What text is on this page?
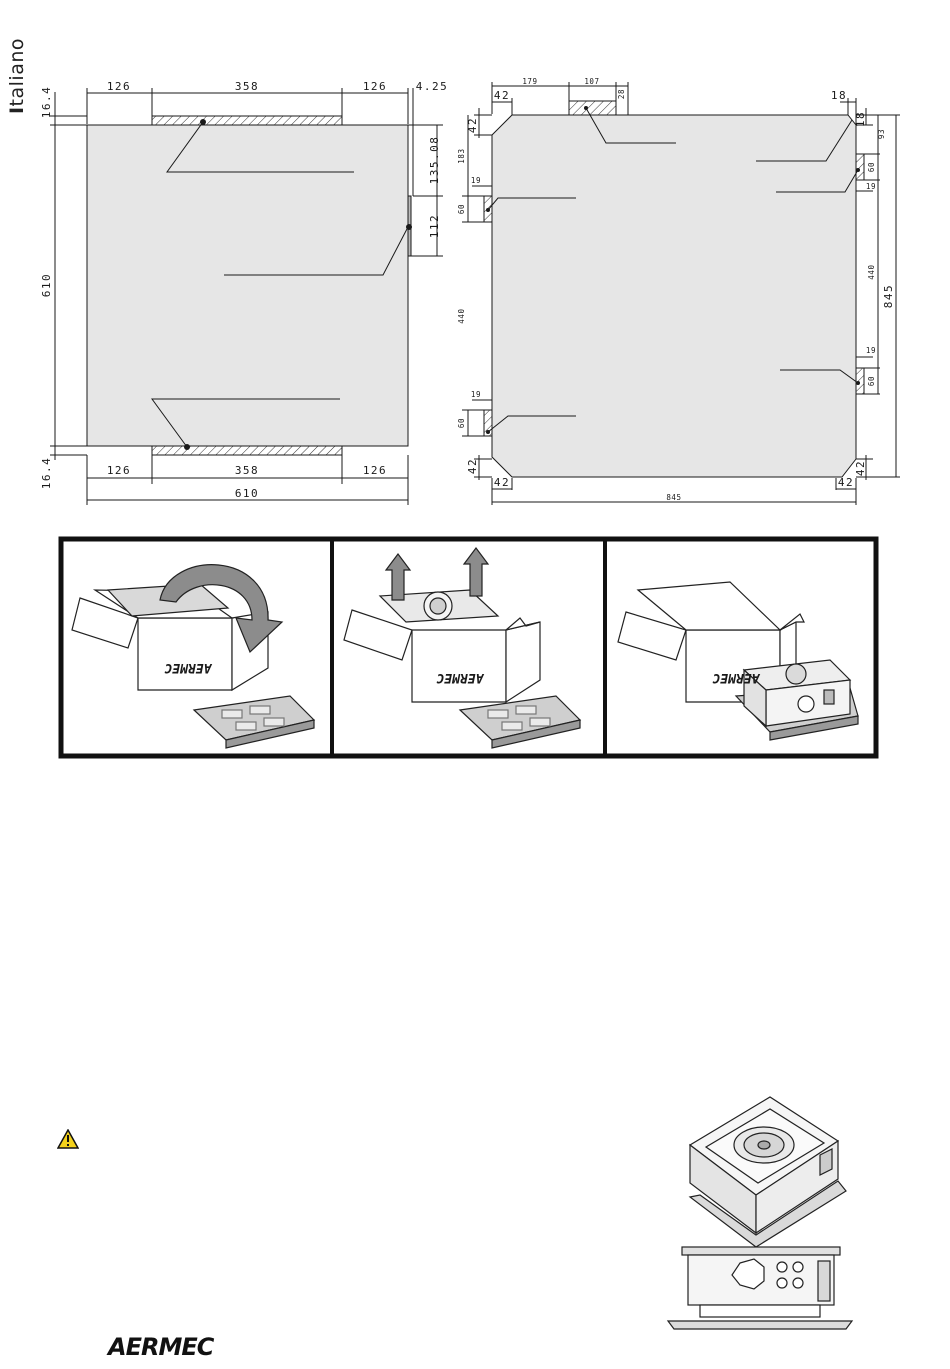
Italiano	126	358	126	4.25
16.4
610
16.4
135.08
112
126	358	126
610
179	107
28
42	18
42
183
19
60
440
19
60
42
42
845
42
18
93
60
19
440
845
19
60
42
AERMEC
AERMEC	AERMEC
AERMEC
